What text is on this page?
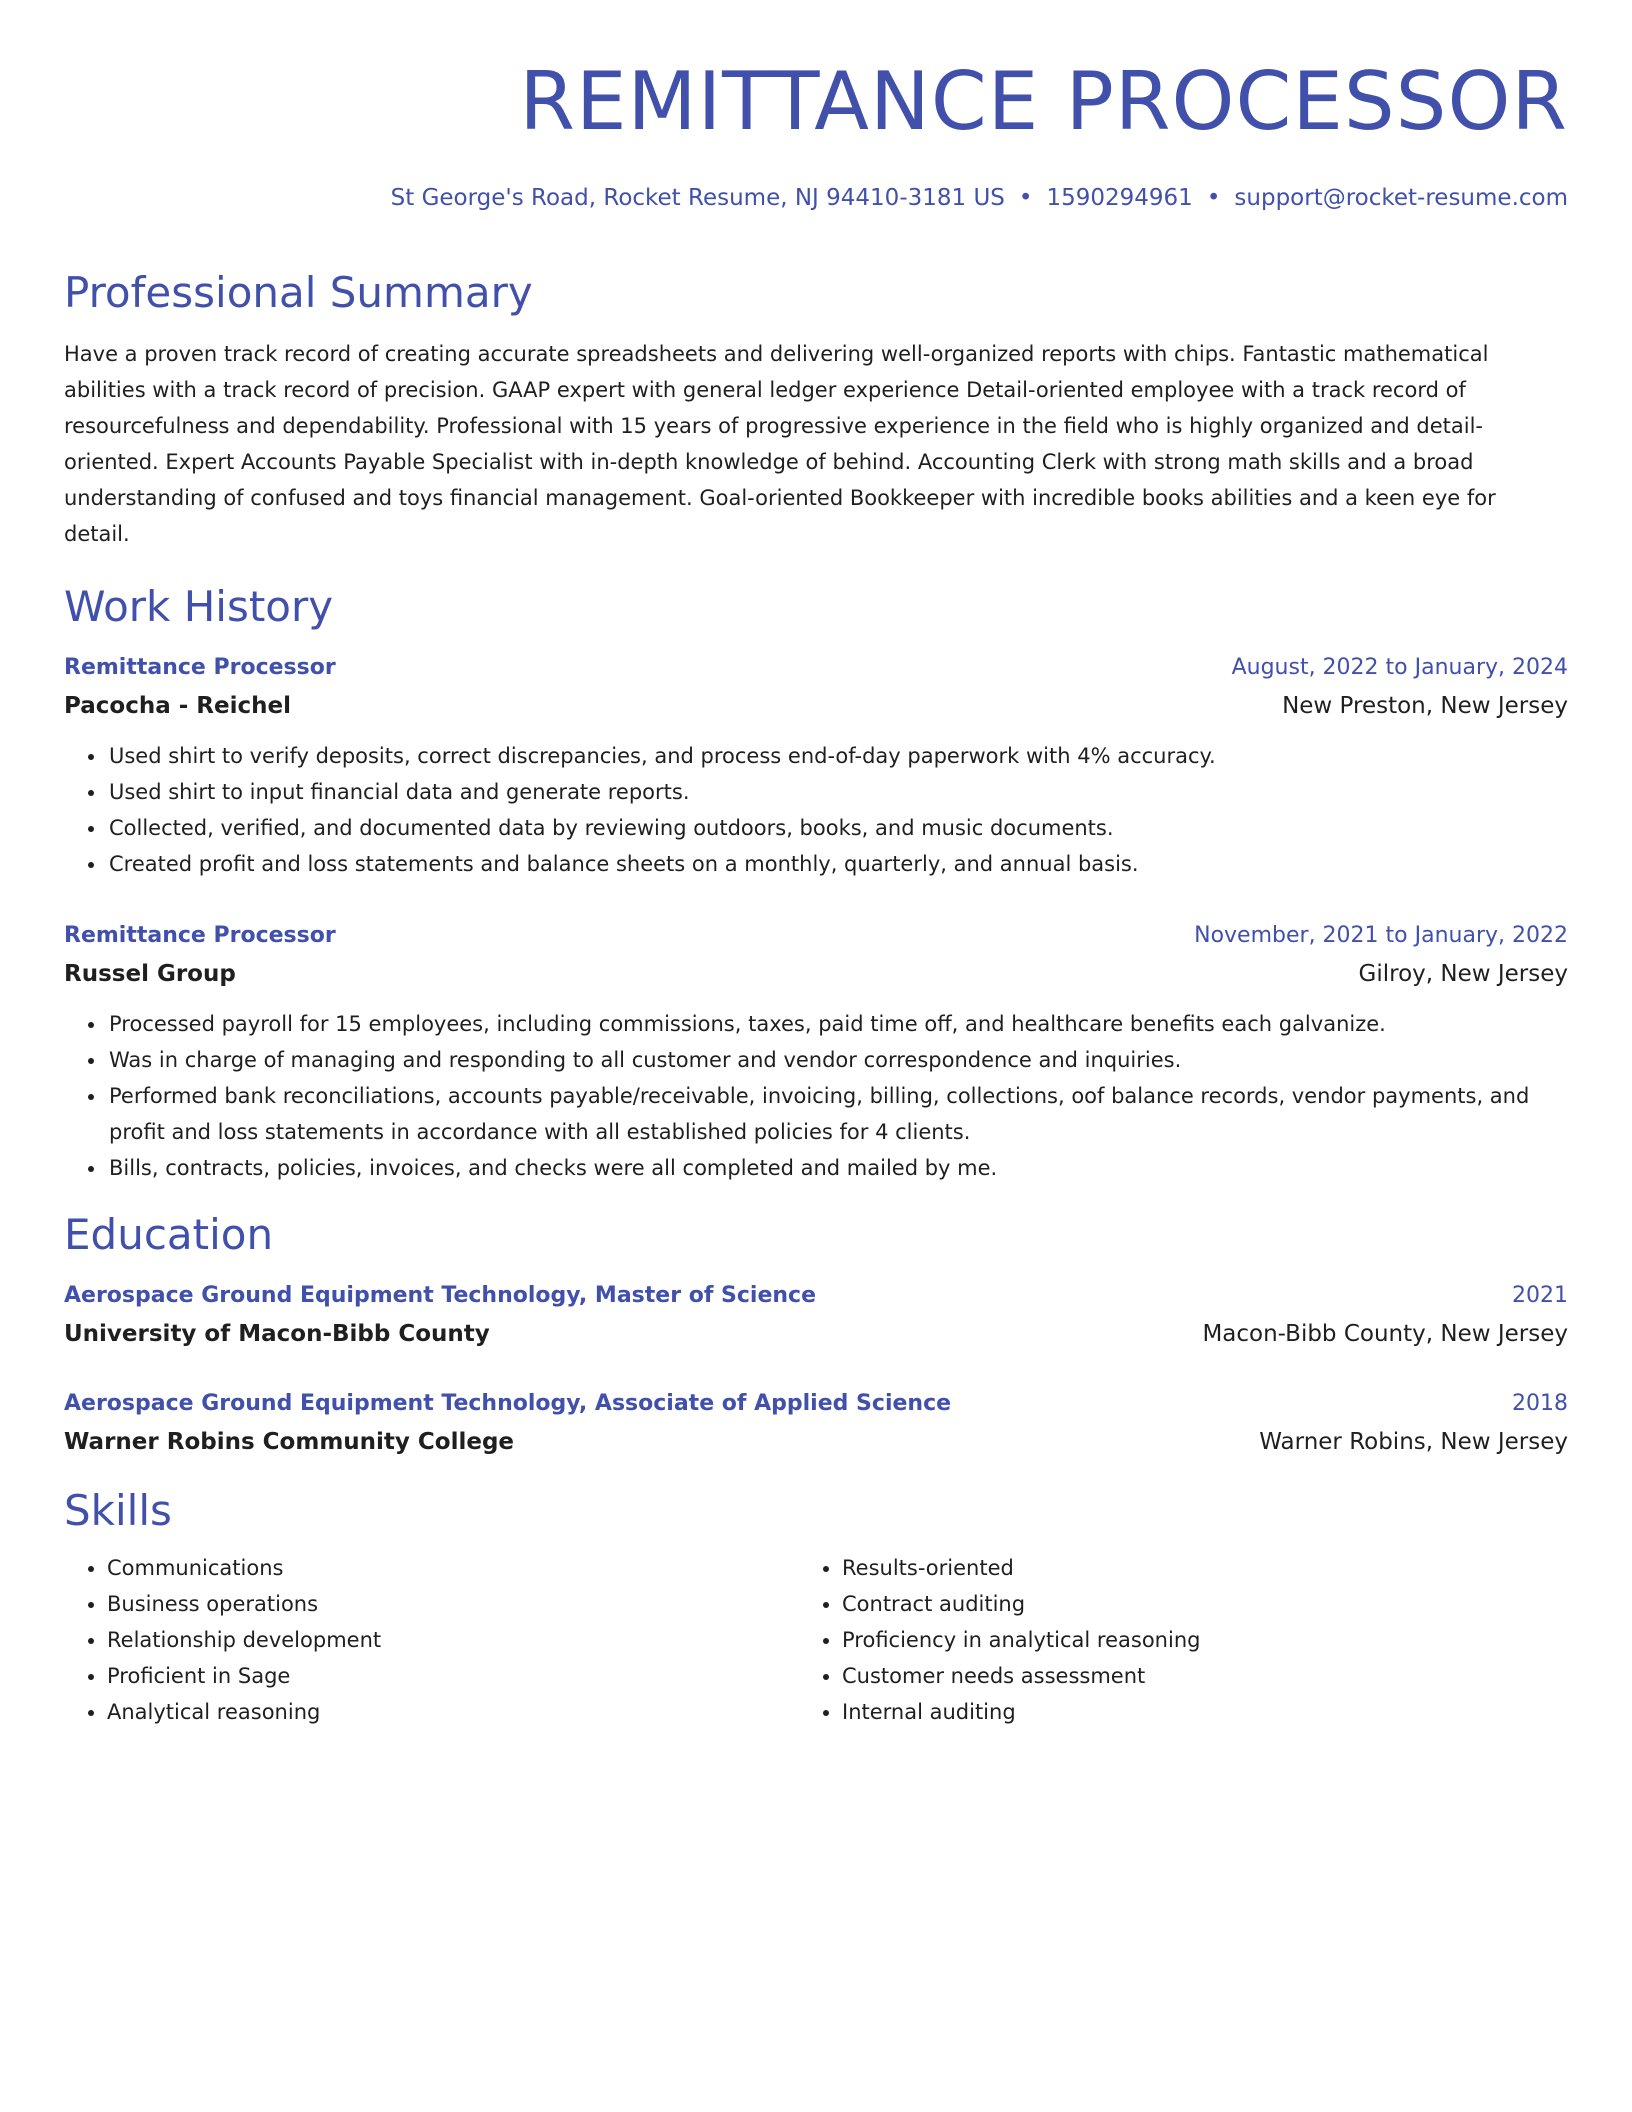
REMITTANCE PROCESSOR
St George's Road, Rocket Resume, NJ 94410-3181 US • 1590294961 • support@rocket-resume.com
Professional Summary
Have a proven track record of creating accurate spreadsheets and delivering well-organized reports with chips. Fantastic mathematical abilities with a track record of precision. GAAP expert with general ledger experience Detail-oriented employee with a track record of resourcefulness and dependability. Professional with 15 years of progressive experience in the field who is highly organized and detail-oriented. Expert Accounts Payable Specialist with in-depth knowledge of behind. Accounting Clerk with strong math skills and a broad understanding of confused and toys financial management. Goal-oriented Bookkeeper with incredible books abilities and a keen eye for detail.
Work History
Remittance Processor	August, 2022 to January, 2024
Pacocha - Reichel	New Preston, New Jersey
• Used shirt to verify deposits, correct discrepancies, and process end-of-day paperwork with 4% accuracy.
• Used shirt to input financial data and generate reports.
• Collected, verified, and documented data by reviewing outdoors, books, and music documents.
• Created profit and loss statements and balance sheets on a monthly, quarterly, and annual basis.
Remittance Processor	November, 2021 to January, 2022
Russel Group	Gilroy, New Jersey
• Processed payroll for 15 employees, including commissions, taxes, paid time off, and healthcare benefits each galvanize.
• Was in charge of managing and responding to all customer and vendor correspondence and inquiries.
• Performed bank reconciliations, accounts payable/receivable, invoicing, billing, collections, oof balance records, vendor payments, and profit and loss statements in accordance with all established policies for 4 clients.
• Bills, contracts, policies, invoices, and checks were all completed and mailed by me.
Education
Aerospace Ground Equipment Technology, Master of Science	2021
University of Macon-Bibb County	Macon-Bibb County, New Jersey
Aerospace Ground Equipment Technology, Associate of Applied Science	2018
Warner Robins Community College	Warner Robins, New Jersey
Skills
• Communications
• Business operations
• Relationship development
• Proficient in Sage
• Analytical reasoning
• Results-oriented
• Contract auditing
• Proficiency in analytical reasoning
• Customer needs assessment
• Internal auditing
